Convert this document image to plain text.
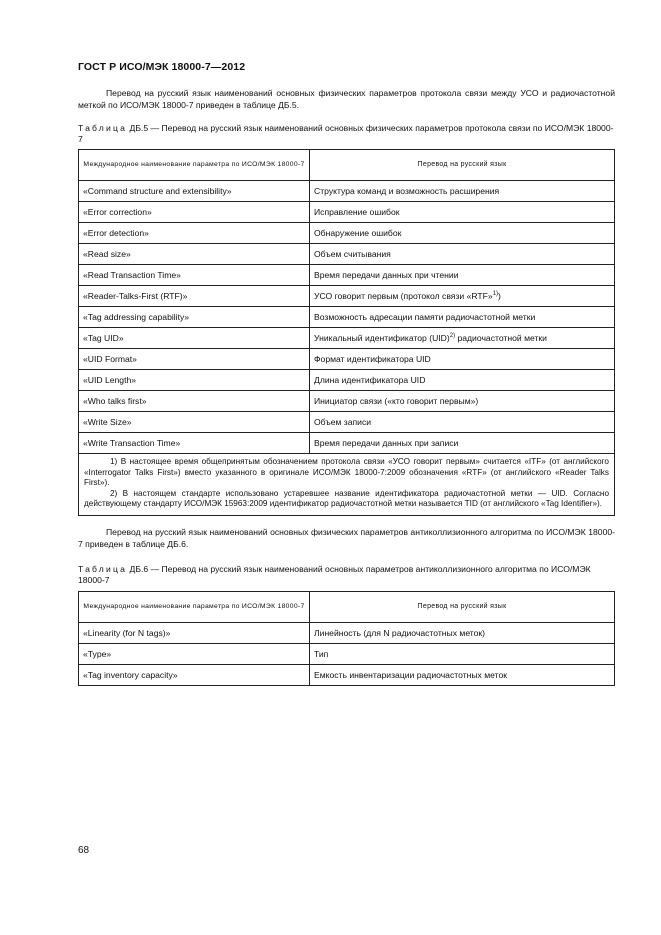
ГОСТ Р ИСО/МЭК 18000-7—2012
Перевод на русский язык наименований основных физических параметров протокола связи между УСО и радиочастотной меткой по ИСО/МЭК 18000-7 приведен в таблице ДБ.5.
Таблица ДБ.5 — Перевод на русский язык наименований основных физических параметров протокола связи по ИСО/МЭК 18000-7
Международное наименование параметра по ИСО/МЭК 18000-7	Перевод на русский язык
«Command structure and extensibility»	Структура команд и возможность расширения
«Error correction»	Исправление ошибок
«Error detection»	Обнаружение ошибок
«Read size»	Объем считывания
«Read Transaction Time»	Время передачи данных при чтении
«Reader-Talks-First (RTF)»	УСО говорит первым (протокол связи «RTF»$^{1)}$)
«Tag addressing capability»	Возможность адресации памяти радиочастотной метки
«Tag UID»	Уникальный идентификатор (UID)$^{2)}$ радиочастотной метки
«UID Format»	Формат идентификатора UID
«UID Length»	Длина идентификатора UID
«Who talks first»	Инициатор связи («кто говорит первым»)
«Write Size»	Объем записи
«Write Transaction Time»	Время передачи данных при записи

1) В настоящее время общепринятым обозначением протокола связи «УСО говорит первым» считается «ITF» (от английского «Interrogator Talks First») вместо указанного в оригинале ИСО/МЭК 18000-7:2009 обозначения «RTF» (от английского «Reader Talks First»).
2) В настоящем стандарте использовано устаревшее название идентификатора радиочастотной метки — UID. Согласно действующему стандарту ИСО/МЭК 15963:2009 идентификатор радиочастотной метки называется TID (от английского «Tag Identifier»).	
Перевод на русский язык наименований основных физических параметров антиколлизионного алгоритма по ИСО/МЭК 18000-7 приведен в таблице ДБ.6.
Таблица ДБ.6 — Перевод на русский язык наименований основных параметров антиколлизионного алгоритма по ИСО/МЭК 18000-7
Международное наименование параметра по ИСО/МЭК 18000-7	Перевод на русский язык
«Linearity (for N tags)»	Линейность (для N радиочастотных меток)
«Type»	Тип
«Tag inventory capacity»	Емкость инвентаризации радиочастотных меток
68
